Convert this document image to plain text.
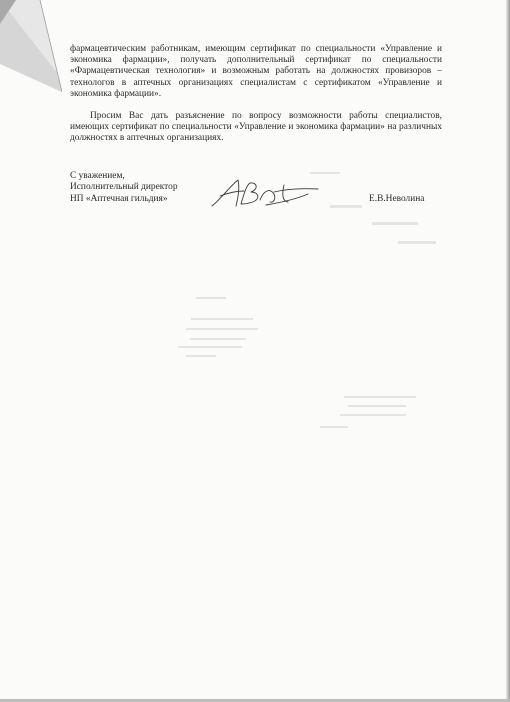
фармацевтическим работникам, имеющим сертификат по специальности «Управление и экономика фармации», получать дополнительный сертификат по специальности «Фармацевтическая технология» и возможным работать на должностях провизоров – технологов в аптечных организациях специалистам с сертификатом «Управление и экономика фармации».

Просим Вас дать разъяснение по вопросу возможности работы специалистов, имеющих сертификат по специальности «Управление и экономика фармации» на различных должностях в аптечных организациях.

С уважением,
Исполнительный директор
НП «Аптечная гильдия»	Е.В.Неволина
